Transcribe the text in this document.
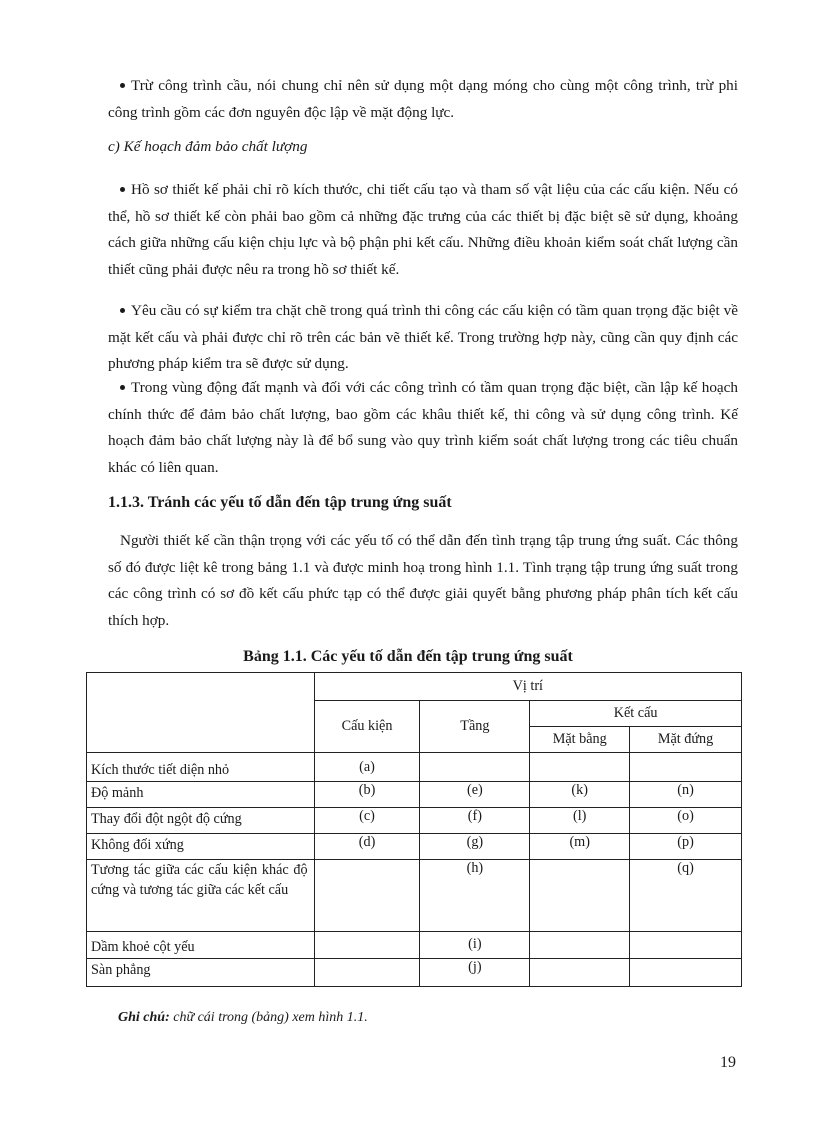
Trừ công trình cầu, nói chung chỉ nên sử dụng một dạng móng cho cùng một công trình, trừ phi công trình gồm các đơn nguyên độc lập về mặt động lực.

c) Kế hoạch đảm bảo chất lượng

Hồ sơ thiết kế phải chỉ rõ kích thước, chi tiết cấu tạo và tham số vật liệu của các cấu kiện. Nếu có thể, hồ sơ thiết kế còn phải bao gồm cả những đặc trưng của các thiết bị đặc biệt sẽ sử dụng, khoảng cách giữa những cấu kiện chịu lực và bộ phận phi kết cấu. Những điều khoản kiểm soát chất lượng cần thiết cũng phải được nêu ra trong hồ sơ thiết kế.

Yêu cầu có sự kiểm tra chặt chẽ trong quá trình thi công các cấu kiện có tầm quan trọng đặc biệt về mặt kết cấu và phải được chỉ rõ trên các bản vẽ thiết kế. Trong trường hợp này, cũng cần quy định các phương pháp kiểm tra sẽ được sử dụng.

Trong vùng động đất mạnh và đối với các công trình có tầm quan trọng đặc biệt, cần lập kế hoạch chính thức để đảm bảo chất lượng, bao gồm các khâu thiết kế, thi công và sử dụng công trình. Kế hoạch đảm bảo chất lượng này là để bổ sung vào quy trình kiểm soát chất lượng trong các tiêu chuẩn khác có liên quan.

1.1.3. Tránh các yếu tố dẫn đến tập trung ứng suất

Người thiết kế cần thận trọng với các yếu tố có thể dẫn đến tình trạng tập trung ứng suất. Các thông số đó được liệt kê trong bảng 1.1 và được minh hoạ trong hình 1.1. Tình trạng tập trung ứng suất trong các công trình có sơ đồ kết cấu phức tạp có thể được giải quyết bằng phương pháp phân tích kết cấu thích hợp.

Bảng 1.1. Các yếu tố dẫn đến tập trung ứng suất
	Vị trí			
	Cấu kiện	Tầng	Kết cấu	
			Mặt bằng	Mặt đứng
Kích thước tiết diện nhỏ	(a)			
Độ mảnh	(b)	(e)	(k)	(n)
Thay đổi đột ngột độ cứng	(c)	(f)	(l)	(o)
Không đối xứng	(d)	(g)	(m)	(p)
Tương tác giữa các cấu kiện khác độ cứng và tương tác giữa các kết cấu		(h)		(q)
Dầm khoẻ cột yếu		(i)		
Sàn phẳng		(j)		
Ghi chú: chữ cái trong (bảng) xem hình 1.1.
19
